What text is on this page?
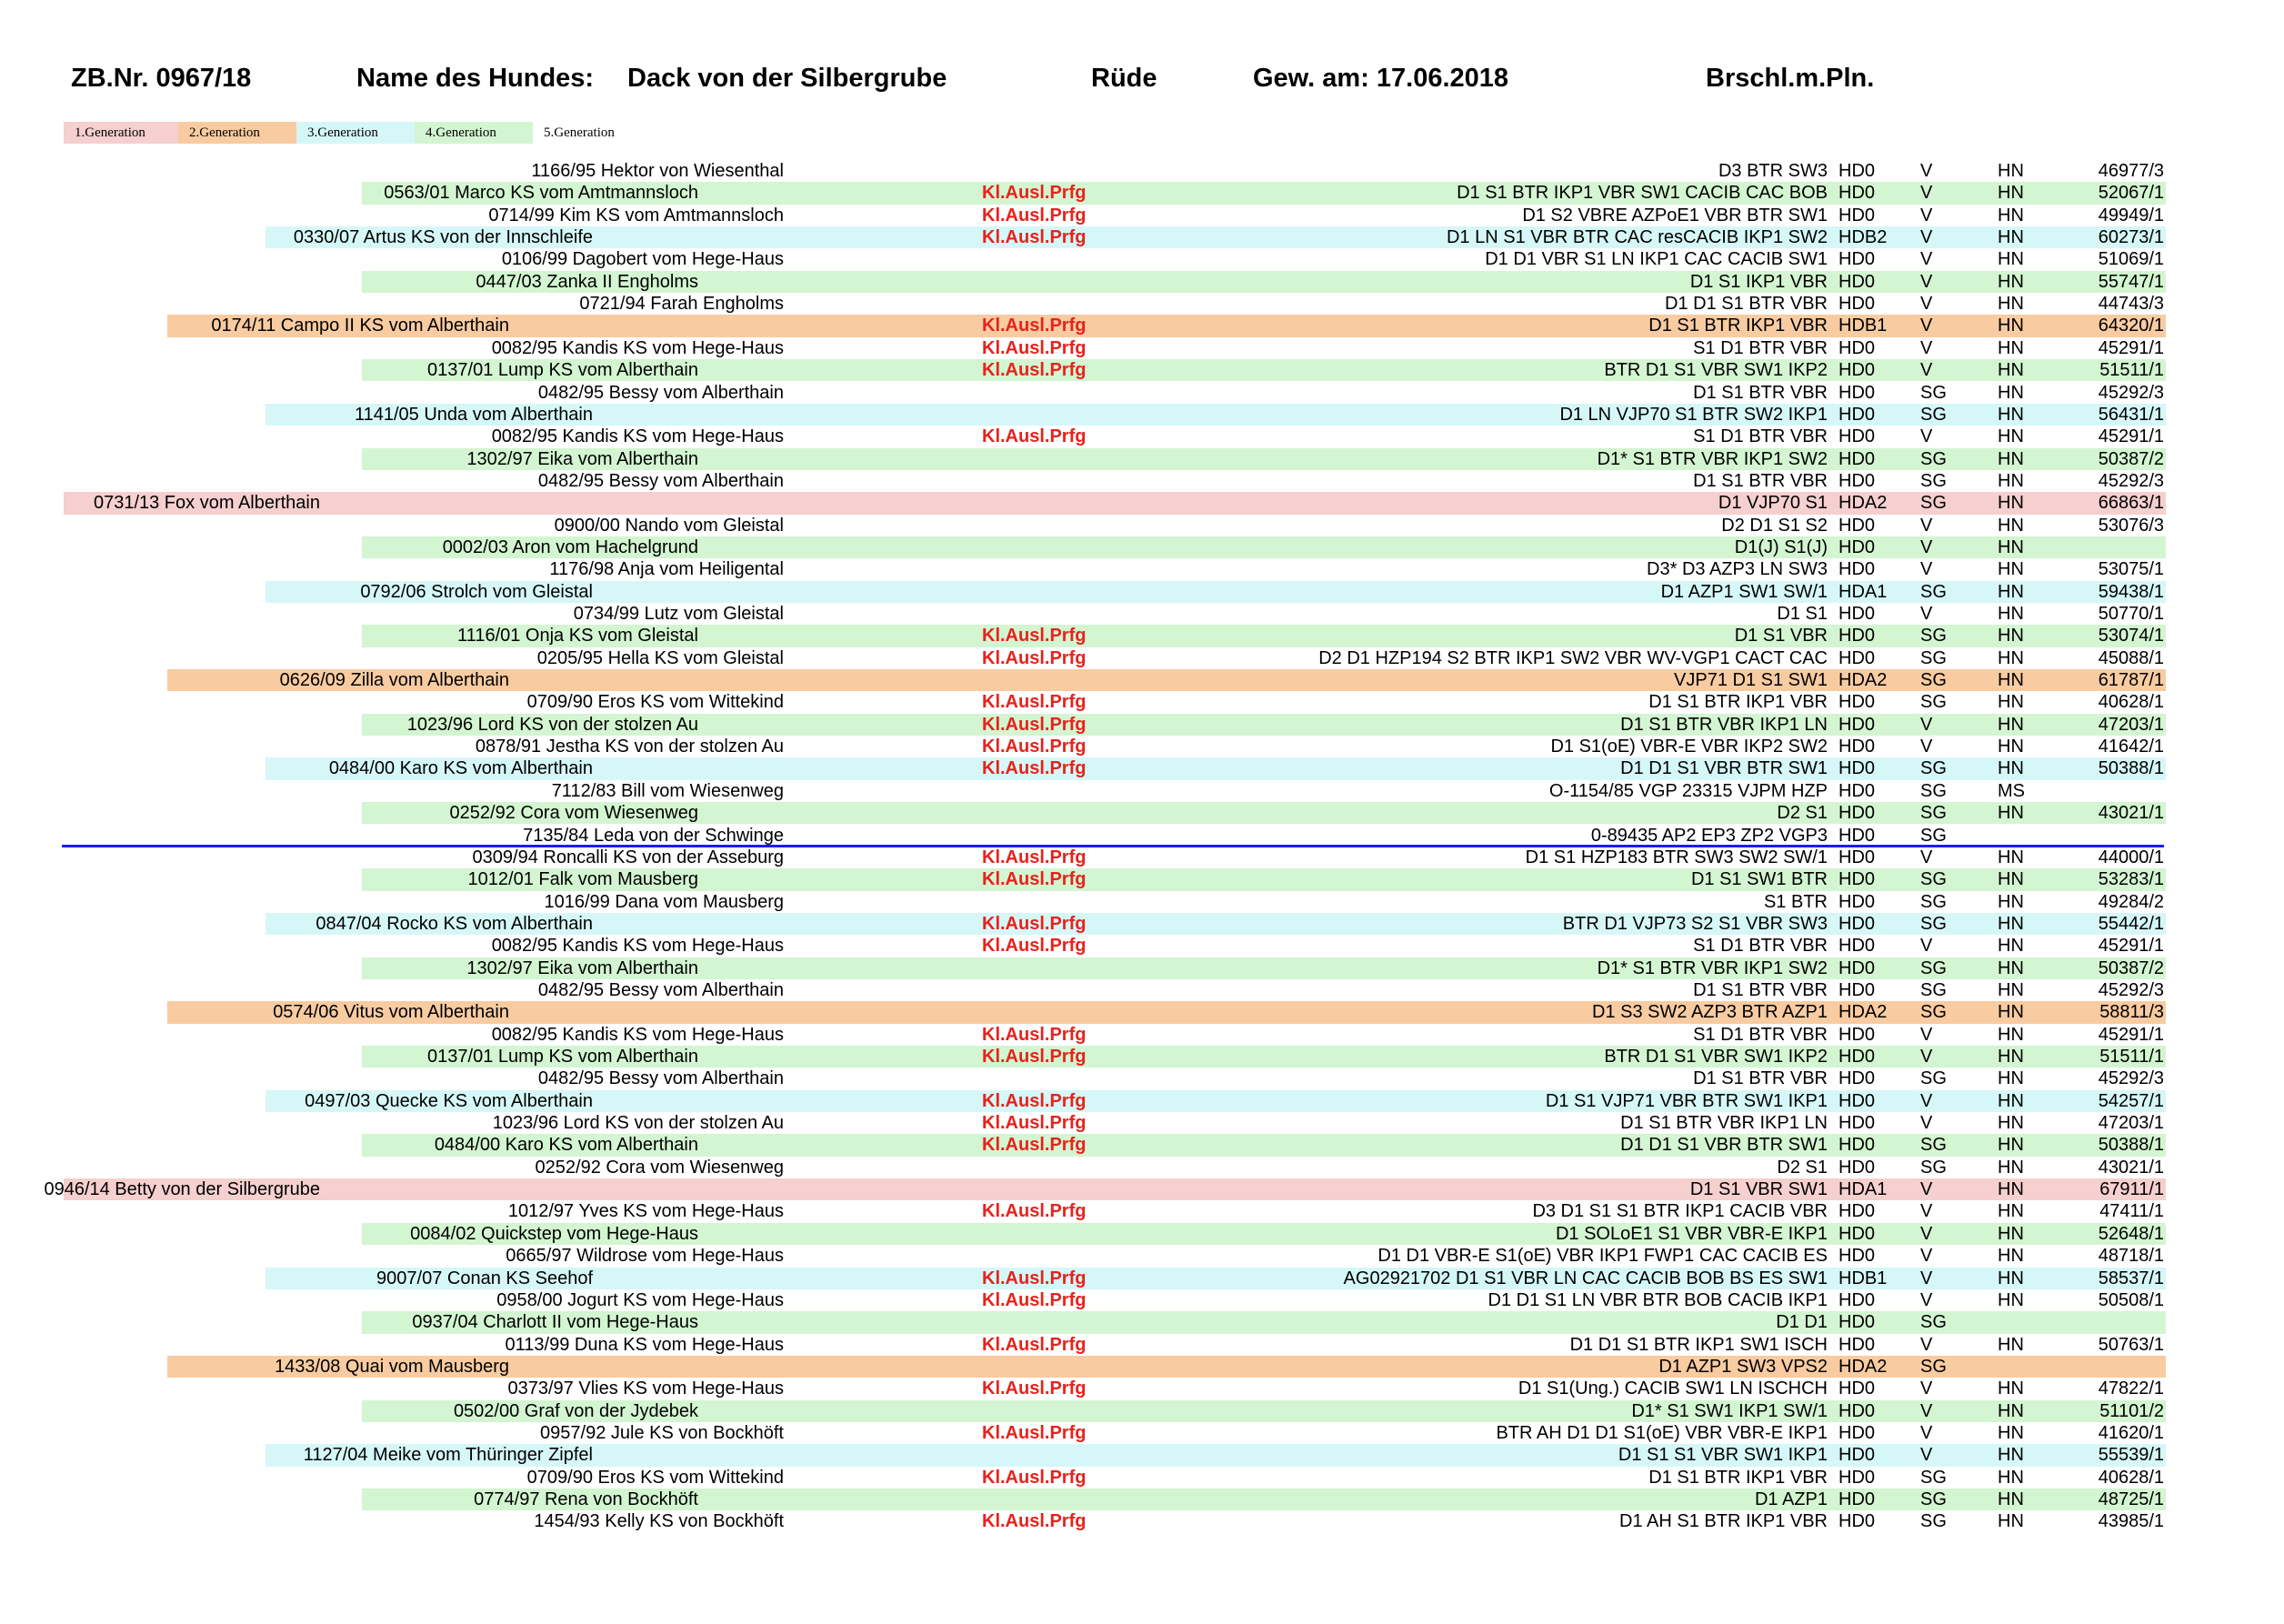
ZB.Nr. 0967/18	Name des Hundes: Dack von der Silbergrube	Rüde	Gew. am: 17.06.2018	Brschl.m.Pln.
1.Generation	2.Generation	3.Generation	4.Generation	5.Generation
1166/95 Hektor von Wiesenthal	D3 BTR SW3 HD0 V	HN	46977/3
0563/01 Marco KS vom Amtmannsloch	Kl.Ausl.Prfg	D1 S1 BTR IKP1 VBR SW1 CACIB CAC BOB HD0 V	HN	52067/1
0714/99 Kim KS vom Amtmannsloch	Kl.Ausl.Prfg	D1 S2 VBRE AZPoE1 VBR BTR SW1 HD0 V	HN	49949/1
0330/07 Artus KS von der Innschleife	Kl.Ausl.Prfg	D1 LN S1 VBR BTR CAC resCACIB IKP1 SW2 HDB2 V	HN	60273/1
0106/99 Dagobert vom Hege-Haus	D1 D1 VBR S1 LN IKP1 CAC CACIB SW1 HD0 V	HN	51069/1
0447/03 Zanka II Engholms	D1 S1 IKP1 VBR HD0 V	HN	55747/1
0721/94 Farah Engholms	D1 D1 S1 BTR VBR HD0 V	HN	44743/3
0174/11 Campo II KS vom Alberthain	Kl.Ausl.Prfg	D1 S1 BTR IKP1 VBR HDB1 V	HN	64320/1
0082/95 Kandis KS vom Hege-Haus	Kl.Ausl.Prfg	S1 D1 BTR VBR HD0 V	HN	45291/1
0137/01 Lump KS vom Alberthain	Kl.Ausl.Prfg	BTR D1 S1 VBR SW1 IKP2 HD0 V	HN	51511/1
0482/95 Bessy vom Alberthain	D1 S1 BTR VBR HD0 SG	HN	45292/3
1141/05 Unda vom Alberthain	D1 LN VJP70 S1 BTR SW2 IKP1 HD0 SG	HN	56431/1
0082/95 Kandis KS vom Hege-Haus	Kl.Ausl.Prfg	S1 D1 BTR VBR HD0 V	HN	45291/1
1302/97 Eika vom Alberthain	D1* S1 BTR VBR IKP1 SW2 HD0 SG	HN	50387/2
0482/95 Bessy vom Alberthain	D1 S1 BTR VBR HD0 SG	HN	45292/3
0731/13 Fox vom Alberthain	D1 VJP70 S1 HDA2 SG	HN	66863/1
0900/00 Nando vom Gleistal	D2 D1 S1 S2 HD0 V	HN	53076/3
0002/03 Aron vom Hachelgrund	D1(J) S1(J) HD0 V	HN
1176/98 Anja vom Heiligental	D3* D3 AZP3 LN SW3 HD0 V	HN	53075/1
0792/06 Strolch vom Gleistal	D1 AZP1 SW1 SW/1 HDA1 SG	HN	59438/1
0734/99 Lutz vom Gleistal	D1 S1 HD0 V	HN	50770/1
1116/01 Onja KS vom Gleistal	Kl.Ausl.Prfg	D1 S1 VBR HD0 SG	HN	53074/1
0205/95 Hella KS vom Gleistal	Kl.Ausl.Prfg	D2 D1 HZP194 S2 BTR IKP1 SW2 VBR WV-VGP1 CACT CAC HD0 SG	HN	45088/1
0626/09 Zilla vom Alberthain	VJP71 D1 S1 SW1 HDA2 SG	HN	61787/1
0709/90 Eros KS vom Wittekind	Kl.Ausl.Prfg	D1 S1 BTR IKP1 VBR HD0 SG	HN	40628/1
1023/96 Lord KS von der stolzen Au	Kl.Ausl.Prfg	D1 S1 BTR VBR IKP1 LN HD0 V	HN	47203/1
0878/91 Jestha KS von der stolzen Au	Kl.Ausl.Prfg	D1 S1(oE) VBR-E VBR IKP2 SW2 HD0 V	HN	41642/1
0484/00 Karo KS vom Alberthain	Kl.Ausl.Prfg	D1 D1 S1 VBR BTR SW1 HD0 SG	HN	50388/1
7112/83 Bill vom Wiesenweg	O-1154/85 VGP 23315 VJPM HZP HD0 SG	MS
0252/92 Cora vom Wiesenweg	D2 S1 HD0 SG	HN	43021/1
7135/84 Leda von der Schwinge	0-89435 AP2 EP3 ZP2 VGP3 HD0 SG
0309/94 Roncalli KS von der Asseburg	Kl.Ausl.Prfg	D1 S1 HZP183 BTR SW3 SW2 SW/1 HD0 V	HN	44000/1
1012/01 Falk vom Mausberg	Kl.Ausl.Prfg	D1 S1 SW1 BTR HD0 SG	HN	53283/1
1016/99 Dana vom Mausberg	S1 BTR HD0 SG	HN	49284/2
0847/04 Rocko KS vom Alberthain	Kl.Ausl.Prfg	BTR D1 VJP73 S2 S1 VBR SW3 HD0 SG	HN	55442/1
0082/95 Kandis KS vom Hege-Haus	Kl.Ausl.Prfg	S1 D1 BTR VBR HD0 V	HN	45291/1
1302/97 Eika vom Alberthain	D1* S1 BTR VBR IKP1 SW2 HD0 SG	HN	50387/2
0482/95 Bessy vom Alberthain	D1 S1 BTR VBR HD0 SG	HN	45292/3
0574/06 Vitus vom Alberthain	D1 S3 SW2 AZP3 BTR AZP1 HDA2 SG	HN	58811/3
0082/95 Kandis KS vom Hege-Haus	Kl.Ausl.Prfg	S1 D1 BTR VBR HD0 V	HN	45291/1
0137/01 Lump KS vom Alberthain	Kl.Ausl.Prfg	BTR D1 S1 VBR SW1 IKP2 HD0 V	HN	51511/1
0482/95 Bessy vom Alberthain	D1 S1 BTR VBR HD0 SG	HN	45292/3
0497/03 Quecke KS vom Alberthain	Kl.Ausl.Prfg	D1 S1 VJP71 VBR BTR SW1 IKP1 HD0 V	HN	54257/1
1023/96 Lord KS von der stolzen Au	Kl.Ausl.Prfg	D1 S1 BTR VBR IKP1 LN HD0 V	HN	47203/1
0484/00 Karo KS vom Alberthain	Kl.Ausl.Prfg	D1 D1 S1 VBR BTR SW1 HD0 SG	HN	50388/1
0252/92 Cora vom Wiesenweg	D2 S1 HD0 SG	HN	43021/1
0946/14 Betty von der Silbergrube	D1 S1 VBR SW1 HDA1 V	HN	67911/1
1012/97 Yves KS vom Hege-Haus	Kl.Ausl.Prfg	D3 D1 S1 S1 BTR IKP1 CACIB VBR HD0 V	HN	47411/1
0084/02 Quickstep vom Hege-Haus	D1 SOLoE1 S1 VBR VBR-E IKP1 HD0 V	HN	52648/1
0665/97 Wildrose vom Hege-Haus	D1 D1 VBR-E S1(oE) VBR IKP1 FWP1 CAC CACIB ES HD0 V	HN	48718/1
9007/07 Conan KS Seehof	Kl.Ausl.Prfg	AG02921702 D1 S1 VBR LN CAC CACIB BOB BS ES SW1 HDB1 V	HN	58537/1
0958/00 Jogurt KS vom Hege-Haus	Kl.Ausl.Prfg	D1 D1 S1 LN VBR BTR BOB CACIB IKP1 HD0 V	HN	50508/1
0937/04 Charlott II vom Hege-Haus	D1 D1 HD0 SG
0113/99 Duna KS vom Hege-Haus	Kl.Ausl.Prfg	D1 D1 S1 BTR IKP1 SW1 ISCH HD0 V	HN	50763/1
1433/08 Quai vom Mausberg	D1 AZP1 SW3 VPS2 HDA2 SG
0373/97 Vlies KS vom Hege-Haus	Kl.Ausl.Prfg	D1 S1(Ung.) CACIB SW1 LN ISCHCH HD0 V	HN	47822/1
0502/00 Graf von der Jydebek	D1* S1 SW1 IKP1 SW/1 HD0 V	HN	51101/2
0957/92 Jule KS von Bockhöft	Kl.Ausl.Prfg	BTR AH D1 D1 S1(oE) VBR VBR-E IKP1 HD0 V	HN	41620/1
1127/04 Meike vom Thüringer Zipfel	D1 S1 S1 VBR SW1 IKP1 HD0 V	HN	55539/1
0709/90 Eros KS vom Wittekind	Kl.Ausl.Prfg	D1 S1 BTR IKP1 VBR HD0 SG	HN	40628/1
0774/97 Rena von Bockhöft	D1 AZP1 HD0 SG	HN	48725/1
1454/93 Kelly KS von Bockhöft	Kl.Ausl.Prfg	D1 AH S1 BTR IKP1 VBR HD0 SG	HN	43985/1
